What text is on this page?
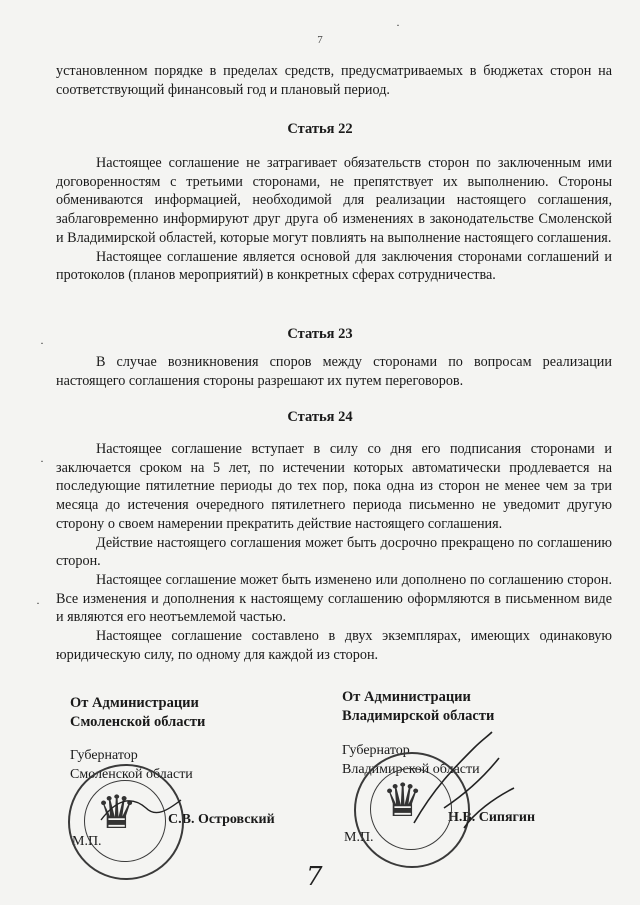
7

установленном порядке в пределах средств, предусматриваемых в бюджетах сторон на соответствующий финансовый год и плановый период.

Статья 22

Настоящее соглашение не затрагивает обязательств сторон по заключенным ими договоренностям с третьими сторонами, не препятствует их выполнению. Стороны обмениваются информацией, необходимой для реализации настоящего соглашения, заблаговременно информируют друг друга об изменениях в законодательстве Смоленской и Владимирской областей, которые могут повлиять на выполнение настоящего соглашения.

Настоящее соглашение является основой для заключения сторонами соглашений и протоколов (планов мероприятий) в конкретных сферах сотрудничества.

Статья 23

В случае возникновения споров между сторонами по вопросам реализации настоящего соглашения стороны разрешают их путем переговоров.

Статья 24

Настоящее соглашение вступает в силу со дня его подписания сторонами и заключается сроком на 5 лет, по истечении которых автоматически продлевается на последующие пятилетние периоды до тех пор, пока одна из сторон не менее чем за три месяца до истечения очередного пятилетнего периода письменно не уведомит другую сторону о своем намерении прекратить действие настоящего соглашения.

Действие настоящего соглашения может быть досрочно прекращено по соглашению сторон.

Настоящее соглашение может быть изменено или дополнено по соглашению сторон. Все изменения и дополнения к настоящему соглашению оформляются в письменном виде и являются его неотъемлемой частью.

Настоящее соглашение составлено в двух экземплярах, имеющих одинаковую юридическую силу, по одному для каждой из сторон.

От Администрации
Смоленской области
Губернатор
Смоленской области
С.В. Островский
М.П.
♛
От Администрации
Владимирской области
Губернатор
Владимирской области
Н.В. Сипягин
М.П.
♛
7
·
·
·
·
